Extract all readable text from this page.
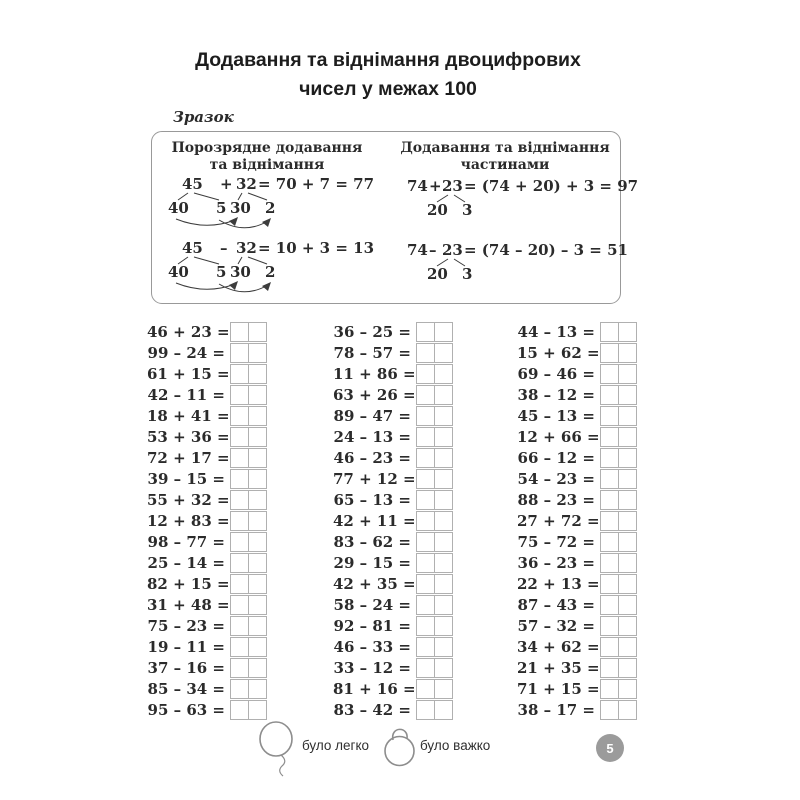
Додавання та віднімання двоцифрових
чисел у межах 100
Зразок
Порозрядне додавання
та віднімання
Додавання та віднімання
частинами
45 + 32 = 70 + 7 = 77
40 5 30 2
45 – 32 = 10 + 3 = 13
40 5 30 2
74 + 23 = (74 + 20) + 3 = 97
20 3
74 – 23 = (74 – 20) – 3 = 51
20 3
46 + 23 =
99 – 24 =
61 + 15 =
42 – 11 =
18 + 41 =
53 + 36 =
72 + 17 =
39 – 15 =
55 + 32 =
12 + 83 =
98 – 77 =
25 – 14 =
82 + 15 =
31 + 48 =
75 – 23 =
19 – 11 =
37 – 16 =
85 – 34 =
95 – 63 =
36 – 25 =
78 – 57 =
11 + 86 =
63 + 26 =
89 – 47 =
24 – 13 =
46 – 23 =
77 + 12 =
65 – 13 =
42 + 11 =
83 – 62 =
29 – 15 =
42 + 35 =
58 – 24 =
92 – 81 =
46 – 33 =
33 – 12 =
81 + 16 =
83 – 42 =
44 – 13 =
15 + 62 =
69 – 46 =
38 – 12 =
45 – 13 =
12 + 66 =
66 – 12 =
54 – 23 =
88 – 23 =
27 + 72 =
75 – 72 =
36 – 23 =
22 + 13 =
87 – 43 =
57 – 32 =
34 + 62 =
21 + 35 =
71 + 15 =
38 – 17 =
було легко	було важко	5
